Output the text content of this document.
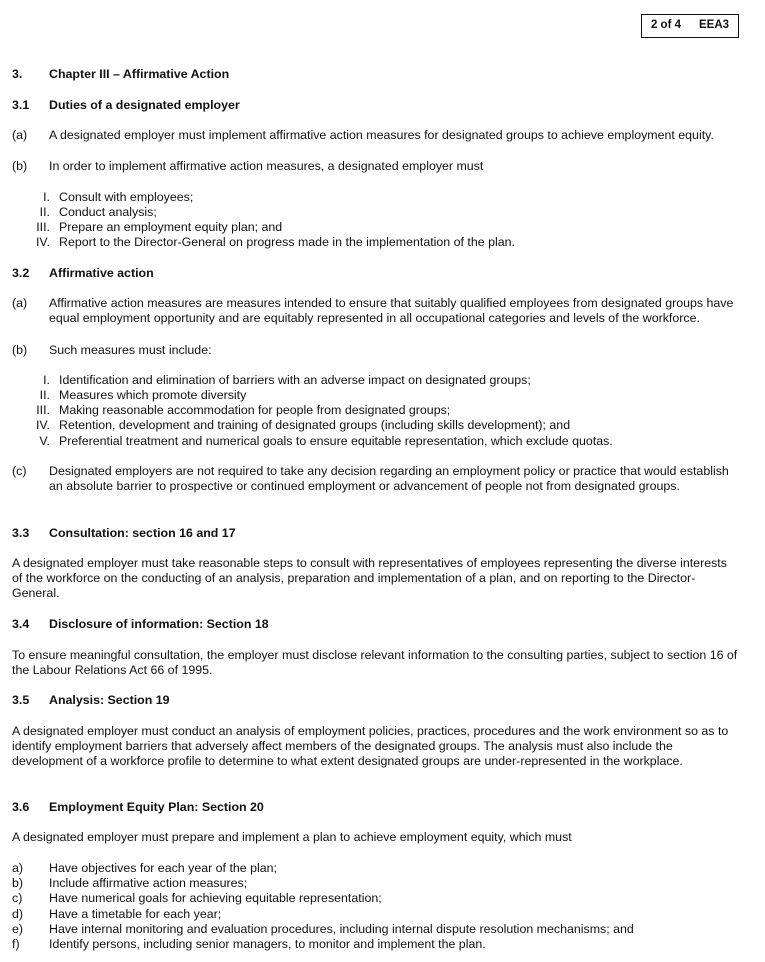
2 of 4 EEA3
3. Chapter III – Affirmative Action
3.1 Duties of a designated employer
(a) A designated employer must implement affirmative action measures for designated groups to achieve employment equity.
(b) In order to implement affirmative action measures, a designated employer must
I. Consult with employees;
II. Conduct analysis;
III. Prepare an employment equity plan; and
IV. Report to the Director-General on progress made in the implementation of the plan.
3.2 Affirmative action
(a) Affirmative action measures are measures intended to ensure that suitably qualified employees from designated groups have equal employment opportunity and are equitably represented in all occupational categories and levels of the workforce.
(b) Such measures must include:
I. Identification and elimination of barriers with an adverse impact on designated groups;
II. Measures which promote diversity
III. Making reasonable accommodation for people from designated groups;
IV. Retention, development and training of designated groups (including skills development); and
V. Preferential treatment and numerical goals to ensure equitable representation, which exclude quotas.
(c) Designated employers are not required to take any decision regarding an employment policy or practice that would establish an absolute barrier to prospective or continued employment or advancement of people not from designated groups.
3.3 Consultation: section 16 and 17
A designated employer must take reasonable steps to consult with representatives of employees representing the diverse interests of the workforce on the conducting of an analysis, preparation and implementation of a plan, and on reporting to the Director-General.
3.4 Disclosure of information: Section 18
To ensure meaningful consultation, the employer must disclose relevant information to the consulting parties, subject to section 16 of the Labour Relations Act 66 of 1995.
3.5 Analysis: Section 19
A designated employer must conduct an analysis of employment policies, practices, procedures and the work environment so as to identify employment barriers that adversely affect members of the designated groups. The analysis must also include the development of a workforce profile to determine to what extent designated groups are under-represented in the workplace.
3.6 Employment Equity Plan: Section 20
A designated employer must prepare and implement a plan to achieve employment equity, which must
a) Have objectives for each year of the plan;
b) Include affirmative action measures;
c) Have numerical goals for achieving equitable representation;
d) Have a timetable for each year;
e) Have internal monitoring and evaluation procedures, including internal dispute resolution mechanisms; and
f) Identify persons, including senior managers, to monitor and implement the plan.
